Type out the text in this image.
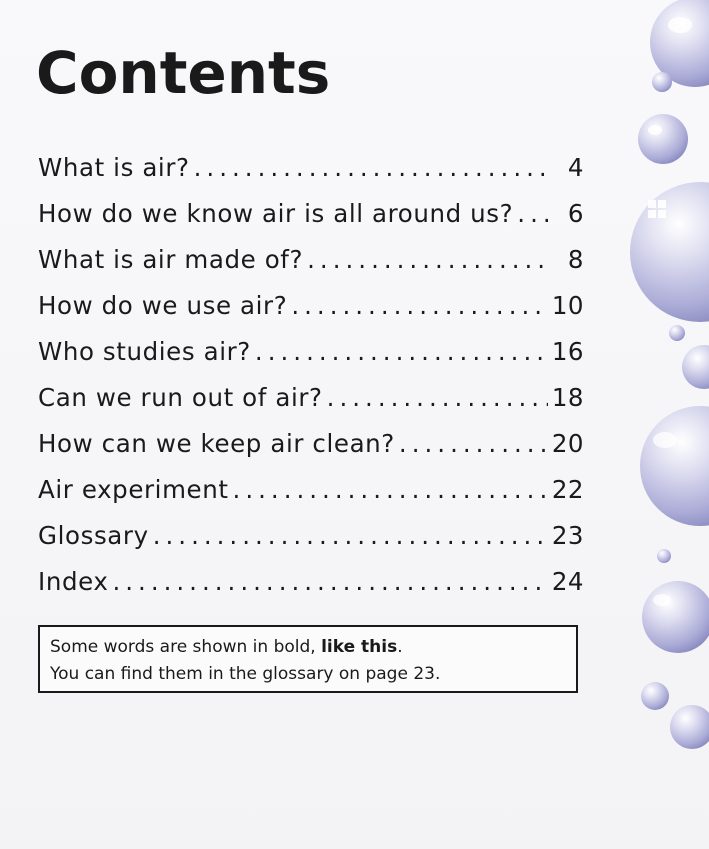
Contents
What is air? .....	4
How do we know air is all around us? .....	6
What is air made of? .....	8
How do we use air? .....	10
Who studies air? .....	16
Can we run out of air? .....	18
How can we keep air clean? .....	20
Air experiment .....	22
Glossary .....	23
Index .....	24
Some words are shown in bold, like this.
You can find them in the glossary on page 23.
